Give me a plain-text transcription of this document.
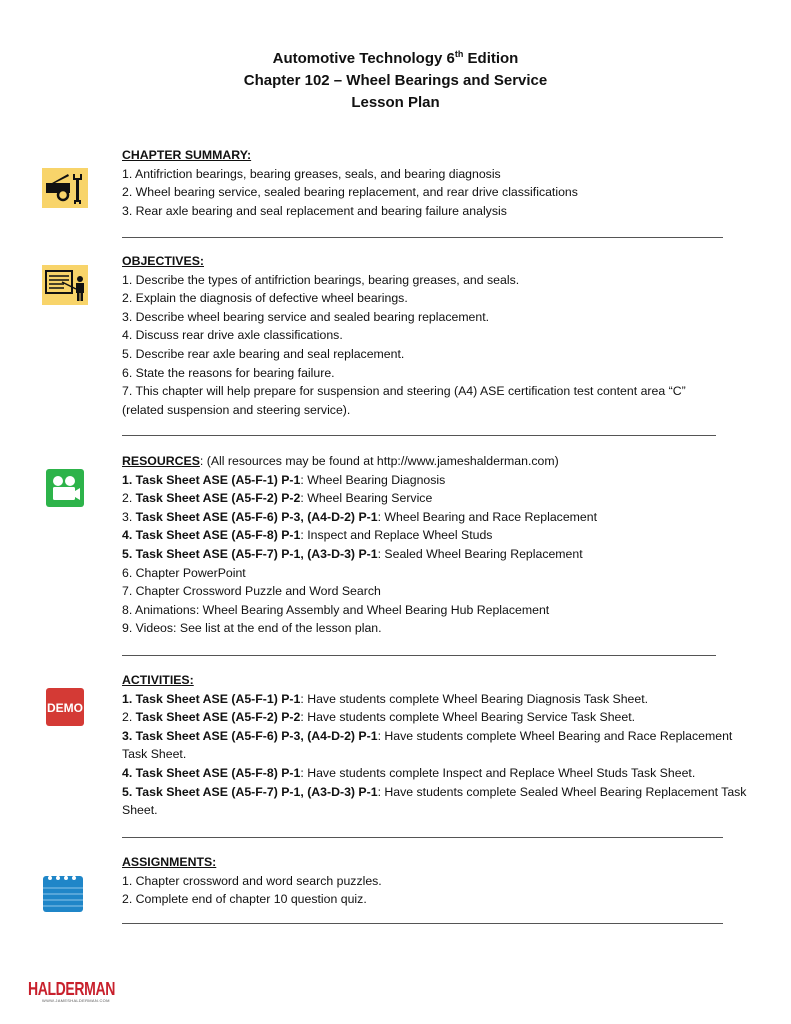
Automotive Technology 6th Edition
Chapter 102 – Wheel Bearings and Service
Lesson Plan
CHAPTER SUMMARY:
1. Antifriction bearings, bearing greases, seals, and bearing diagnosis
2. Wheel bearing service, sealed bearing replacement, and rear drive classifications
3. Rear axle bearing and seal replacement and bearing failure analysis
OBJECTIVES:
1. Describe the types of antifriction bearings, bearing greases, and seals.
2. Explain the diagnosis of defective wheel bearings.
3. Describe wheel bearing service and sealed bearing replacement.
4. Discuss rear drive axle classifications.
5. Describe rear axle bearing and seal replacement.
6. State the reasons for bearing failure.
7. This chapter will help prepare for suspension and steering (A4) ASE certification test content area “C” (related suspension and steering service).
RESOURCES: (All resources may be found at http://www.jameshalderman.com)
1. Task Sheet ASE (A5-F-1) P-1: Wheel Bearing Diagnosis
2. Task Sheet ASE (A5-F-2) P-2: Wheel Bearing Service
3. Task Sheet ASE (A5-F-6) P-3, (A4-D-2) P-1: Wheel Bearing and Race Replacement
4. Task Sheet ASE (A5-F-8) P-1: Inspect and Replace Wheel Studs
5. Task Sheet ASE (A5-F-7) P-1, (A3-D-3) P-1: Sealed Wheel Bearing Replacement
6. Chapter PowerPoint
7. Chapter Crossword Puzzle and Word Search
8. Animations: Wheel Bearing Assembly and Wheel Bearing Hub Replacement
9. Videos: See list at the end of the lesson plan.
DEMO
ACTIVITIES:
1. Task Sheet ASE (A5-F-1) P-1: Have students complete Wheel Bearing Diagnosis Task Sheet.
2. Task Sheet ASE (A5-F-2) P-2: Have students complete Wheel Bearing Service Task Sheet.
3. Task Sheet ASE (A5-F-6) P-3, (A4-D-2) P-1: Have students complete Wheel Bearing and Race Replacement Task Sheet.
4. Task Sheet ASE (A5-F-8) P-1: Have students complete Inspect and Replace Wheel Studs Task Sheet.
5. Task Sheet ASE (A5-F-7) P-1, (A3-D-3) P-1: Have students complete Sealed Wheel Bearing Replacement Task Sheet.
ASSIGNMENTS:
1. Chapter crossword and word search puzzles.
2. Complete end of chapter 10 question quiz.
HALDERMAN
WWW.JAMESHALDERMAN.COM
